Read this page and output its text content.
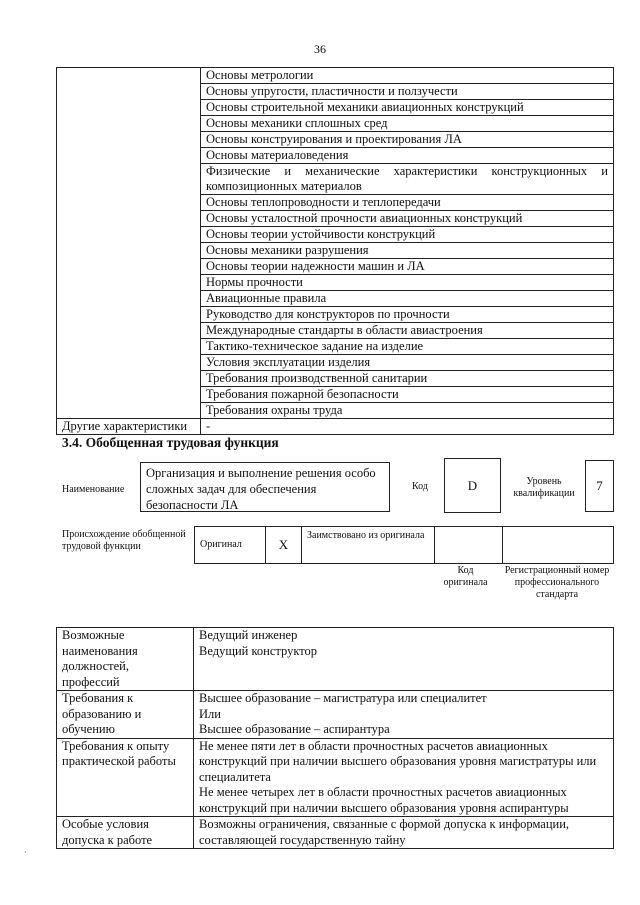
36
	Основы метрологии
	Основы упругости, пластичности и ползучести
	Основы строительной механики авиационных конструкций
	Основы механики сплошных сред
	Основы конструирования и проектирования ЛА
	Основы материаловедения
	Физические и механические характеристики конструкционных и композиционных материалов
	Основы теплопроводности и теплопередачи
	Основы усталостной прочности авиационных конструкций
	Основы теории устойчивости конструкций
	Основы механики разрушения
	Основы теории надежности машин и ЛА
	Нормы прочности
	Авиационные правила
	Руководство для конструкторов по прочности
	Международные стандарты в области авиастроения
	Тактико-техническое задание на изделие
	Условия эксплуатации изделия
	Требования производственной санитарии
	Требования пожарной безопасности
	Требования охраны труда
Другие характеристики	-
3.4. Обобщенная трудовая функция
Наименование
Организация и выполнение решения особо сложных задач для обеспечения безопасности ЛА
Код	D	Уровень квалификации
7
Происхождение обобщенной трудовой функции	Оригинал	X	Заимствовано из оригинала		
Код оригинала
Регистрационный номер профессионального стандарта
Возможные наименования должностей, профессий	Ведущий инженер
Ведущий конструктор

Требования к образованию и обучению	Высшее образование – магистратура или специалитет
Или
Высшее образование – аспирантура

Требования к опыту практической работы	Не менее пяти лет в области прочностных расчетов авиационных конструкций при наличии высшего образования уровня магистратуры или специалитета
Не менее четырех лет в области прочностных расчетов авиационных конструкций при наличии высшего образования уровня аспирантуры

Особые условия допуска к работе	Возможны ограничения, связанные с формой допуска к информации, составляющей государственную тайну
·
